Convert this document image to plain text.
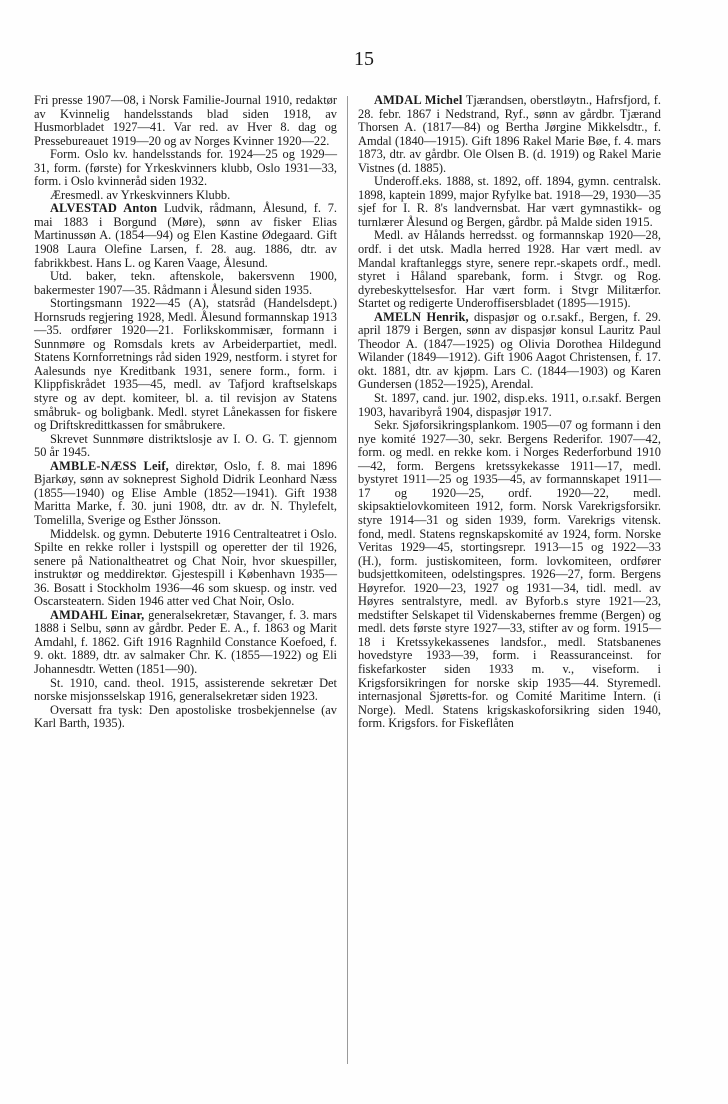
15

Fri presse 1907—08, i Norsk Familie-Journal 1910, redaktør av Kvinnelig handelsstands blad siden 1918, av Husmorbladet 1927—41. Var red. av Hver 8. dag og Pressebureauet 1919—20 og av Norges Kvinner 1920—22.

Form. Oslo kv. handelsstands for. 1924—25 og 1929—31, form. (første) for Yrkeskvinners klubb, Oslo 1931—33, form. i Oslo kvinneråd siden 1932.

Æresmedl. av Yrkeskvinners Klubb.

ALVESTAD Anton Ludvik, rådmann, Ålesund, f. 7. mai 1883 i Borgund (Møre), sønn av fisker Elias Martinussøn A. (1854—94) og Elen Kastine Ødegaard. Gift 1908 Laura Olefine Larsen, f. 28. aug. 1886, dtr. av fabrikkbest. Hans L. og Karen Vaage, Ålesund.

Utd. baker, tekn. aftenskole, bakersvenn 1900, bakermester 1907—35. Rådmann i Ålesund siden 1935.

Stortingsmann 1922—45 (A), statsråd (Handelsdept.) Hornsruds regjering 1928, Medl. Ålesund formannskap 1913—35. ordfører 1920—21. Forlikskommisær, formann i Sunnmøre og Romsdals krets av Arbeiderpartiet, medl. Statens Kornforretnings råd siden 1929, nestform. i styret for Aalesunds nye Kreditbank 1931, senere form., form. i Klippfiskrådet 1935—45, medl. av Tafjord kraftselskaps styre og av dept. komiteer, bl. a. til revisjon av Statens småbruk- og boligbank. Medl. styret Lånekassen for fiskere og Driftskredittkassen for småbrukere.

Skrevet Sunnmøre distriktslosje av I. O. G. T. gjennom 50 år 1945.

AMBLE-NÆSS Leif, direktør, Oslo, f. 8. mai 1896 Bjarkøy, sønn av sokneprest Sighold Didrik Leonhard Næss (1855—1940) og Elise Amble (1852—1941). Gift 1938 Maritta Marke, f. 30. juni 1908, dtr. av dr. N. Thylefelt, Tomelilla, Sverige og Esther Jönsson.

Middelsk. og gymn. Debuterte 1916 Centralteatret i Oslo. Spilte en rekke roller i lystspill og operetter der til 1926, senere på Nationaltheatret og Chat Noir, hvor skuespiller, instruktør og meddirektør. Gjestespill i København 1935—36. Bosatt i Stockholm 1936—46 som skuesp. og instr. ved Oscarsteatern. Siden 1946 atter ved Chat Noir, Oslo.

AMDAHL Einar, generalsekretær, Stavanger, f. 3. mars 1888 i Selbu, sønn av gårdbr. Peder E. A., f. 1863 og Marit Amdahl, f. 1862. Gift 1916 Ragnhild Constance Koefoed, f. 9. okt. 1889, dtr. av salmaker Chr. K. (1855—1922) og Eli Johannesdtr. Wetten (1851—90).

St. 1910, cand. theol. 1915, assisterende sekretær Det norske misjonsselskap 1916, generalsekretær siden 1923.

Oversatt fra tysk: Den apostoliske trosbekjennelse (av Karl Barth, 1935).

AMDAL Michel Tjærandsen, oberstløytn., Hafrsfjord, f. 28. febr. 1867 i Nedstrand, Ryf., sønn av gårdbr. Tjærand Thorsen A. (1817—84) og Bertha Jørgine Mikkelsdtr., f. Amdal (1840—1915). Gift 1896 Rakel Marie Bøe, f. 4. mars 1873, dtr. av gårdbr. Ole Olsen B. (d. 1919) og Rakel Marie Vistnes (d. 1885).

Underoff.eks. 1888, st. 1892, off. 1894, gymn. centralsk. 1898, kaptein 1899, major Ryfylke bat. 1918—29, 1930—35 sjef for I. R. 8's landvernsbat. Har vært gymnastikk- og turnlærer Ålesund og Bergen, gårdbr. på Malde siden 1915.

Medl. av Hålands herredsst. og formannskap 1920—28, ordf. i det utsk. Madla herred 1928. Har vært medl. av Mandal kraftanleggs styre, senere repr.-skapets ordf., medl. styret i Håland sparebank, form. i Stvgr. og Rog. dyrebeskyttelsesfor. Har vært form. i Stvgr Militærfor. Startet og redigerte Underoffisersbladet (1895—1915).

AMELN Henrik, dispasjør og o.r.sakf., Bergen, f. 29. april 1879 i Bergen, sønn av dispasjør konsul Lauritz Paul Theodor A. (1847—1925) og Olivia Dorothea Hildegund Wilander (1849—1912). Gift 1906 Aagot Christensen, f. 17. okt. 1881, dtr. av kjøpm. Lars C. (1844—1903) og Karen Gundersen (1852—1925), Arendal.

St. 1897, cand. jur. 1902, disp.eks. 1911, o.r.sakf. Bergen 1903, havaribyrå 1904, dispasjør 1917.

Sekr. Sjøforsikringsplankom. 1905—07 og formann i den nye komité 1927—30, sekr. Bergens Rederifor. 1907—42, form. og medl. en rekke kom. i Norges Rederforbund 1910—42, form. Bergens kretssykekasse 1911—17, medl. bystyret 1911—25 og 1935—45, av formannskapet 1911—17 og 1920—25, ordf. 1920—22, medl. skipsaktielovkomiteen 1912, form. Norsk Varekrigsforsikr. styre 1914—31 og siden 1939, form. Varekrigs vitensk. fond, medl. Statens regnskapskomité av 1924, form. Norske Veritas 1929—45, stortingsrepr. 1913—15 og 1922—33 (H.), form. justiskomiteen, form. lovkomiteen, ordfører budsjettkomiteen, odelstingspres. 1926—27, form. Bergens Høyrefor. 1920—23, 1927 og 1931—34, tidl. medl. av Høyres sentralstyre, medl. av Byforb.s styre 1921—23, medstifter Selskapet til Videnskabernes fremme (Bergen) og medl. dets første styre 1927—33, stifter av og form. 1915—18 i Kretssykekassenes landsfor., medl. Statsbanenes hovedstyre 1933—39, form. i Reassuranceinst. for fiskefarkoster siden 1933 m. v., viseform. i Krigsforsikringen for norske skip 1935—44. Styremedl. internasjonal Sjøretts-for. og Comité Maritime Intern. (i Norge). Medl. Statens krigskaskoforsikring siden 1940, form. Krigsfors. for Fiskeflåten
